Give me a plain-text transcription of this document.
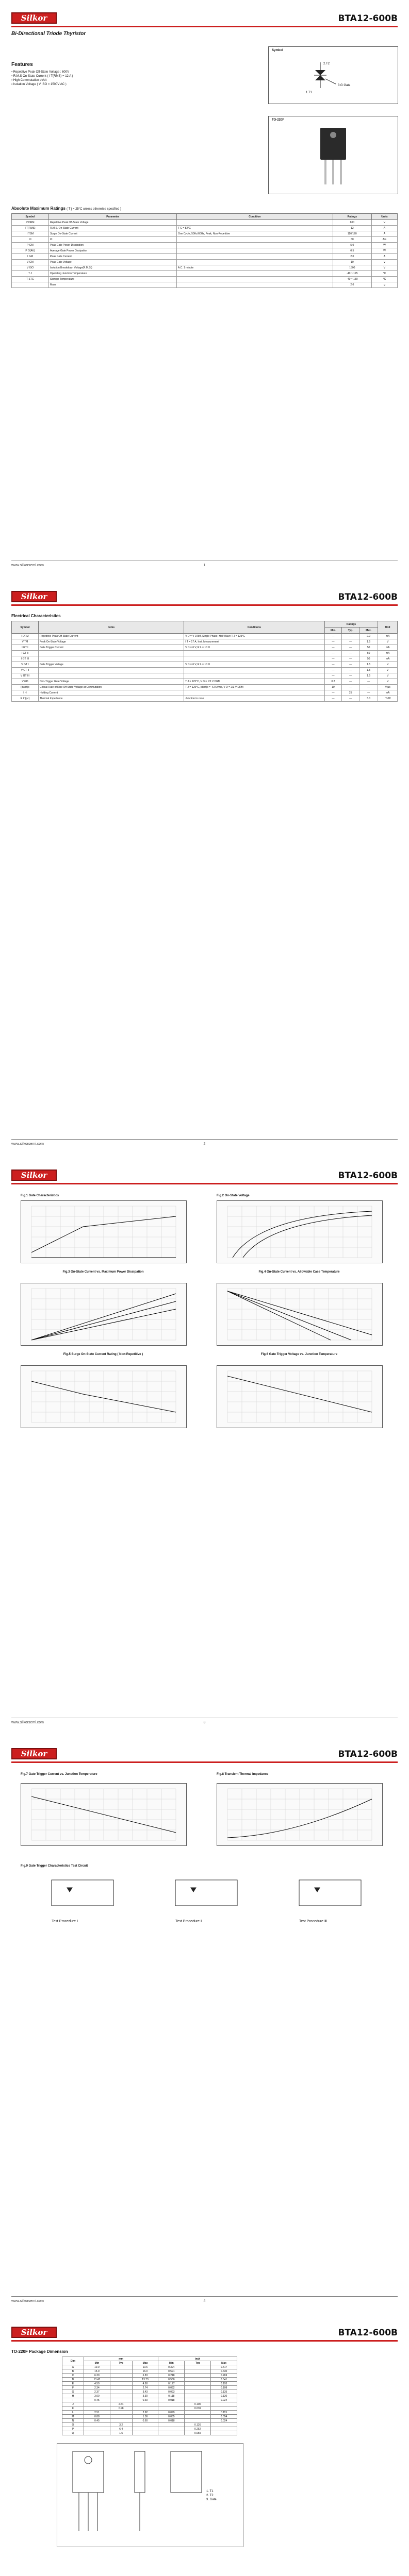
Silkor	BTA12-600B
Bi-Directional Triode Thyristor
Features
▪ Repetitive Peak Off-State Voltage : 600V
▪ R.M.S On-State Current ( I T(RMS) = 12 A )
▪ High Commutation dv/dt
▪ Isolation Voltage ( V ISO = 1500V AC )
Symbol
2.T2
3.G Gate
1.T1
TO-220F
Absolute Maximum Ratings ( T j = 25°C unless otherwise specified )
Symbol	Parameter	Condition	Ratings	Units
V DRM	Repetitive Peak Off-State Voltage		600	V
I T(RMS)	R.M.S. On-State Current	T C = 82°C	12	A
I TSM	Surge On-State Current	One Cycle, 50Hz/60Hz, Peak, Non-Repetitive	110/120	A
I²t	I²t		60	A²s
P GM	Peak Gate Power Dissipation		5.0	W
P G(AV)	Average Gate Power Dissipation		0.5	W
I GM	Peak Gate Current		2.0	A
V GM	Peak Gate Voltage		10	V
V ISO	Isolation Breakdown Voltage(R.M.S.)	A.C. 1 minute	1500	V
T J	Operating Junction Temperature		-40 ~ 125	°C
T STG	Storage Temperature		-40 ~ 150	°C
	Mass		2.0	g
www.silkorsemi.com	1
Silkor	BTA12-600B
Electrical Characteristics
Symbol	Items	Conditions	Ratings			Unit
			Min.	Typ.	Max.	
I DRM	Repetitive Peak Off-State Current	V D = V DRM, Single Phase, Half Wave T J = 125°C	—	—	2.0	mA
V TM	Peak On-State Voltage	I T = 17 A, Inst. Measurement	—	—	1.5	V
I GT I	Gate Trigger Current	V D = 6 V, R L = 10 Ω	—	—	50	mA
I GT II			—	—	50	mA
I GT III			—	—	50	mA
V GT I	Gate Trigger Voltage	V D = 6 V, R L = 10 Ω	—	—	1.5	V
V GT II			—	—	1.5	V
V GT III			—	—	1.5	V
V GD	Non-Trigger Gate Voltage	T J = 125°C, V D = 1/2 V DRM	0.2	—	—	V
(dv/dt)c	Critical Rate of Rise Off-State Voltage at Commutation	T J = 125°C, (di/dt)c = -6.0 A/ms, V D = 2/3 V DRM	10	—	—	V/μs
I H	Holding Current		—	25	—	mA
R th(j-c)	Thermal Impedance	Junction to case	—	—	3.0	°C/W
www.silkorsemi.com	2
Silkor	BTA12-600B
Fig.1 Gate Characteristics	Fig.2 On-State Voltage
Fig.3 On-State Current vs. Maximum Power Dissipation	Fig.4 On-State Current vs. Allowable Case Temperature
Fig.5 Surge On-State Current Rating ( Non-Repetitive )	Fig.6 Gate Trigger Voltage vs. Junction Temperature
www.silkorsemi.com	3
Silkor	BTA12-600B
Fig.7 Gate Trigger Current vs. Junction Temperature	Fig.8 Transient Thermal Impedance
Fig.9 Gate Trigger Characteristics Test Circuit
Test Procedure Ⅰ	Test Procedure Ⅱ	Test Procedure Ⅲ
www.silkorsemi.com	4
Silkor	BTA12-600B
TO-220F Package Dimension
Dim	mm			inch		
	Min	Typ	Max	Min	Typ	Max
A	10.0		10.6	0.394		0.417
B	15.0		16.0	0.591		0.630
C	6.30		6.83	0.248		0.269
D	13.47		13.73	0.530		0.541
E	4.50		4.90	0.177		0.193
F	2.34		2.74	0.092		0.108
G	2.37		3.43	0.093		0.135
H	3.00		3.30	0.118		0.130
I	0.45		0.60	0.018		0.024
J		2.54			0.100	
K		0.98			0.039	
L	2.51		2.92	0.099		0.115
M	0.88		1.36	0.035		0.054
N	0.45		0.60	0.018		0.024
O		3.2			0.126	
P		6.4			0.252	
Q		1.5			0.059	
1. T1
2. T2
3. Gate
